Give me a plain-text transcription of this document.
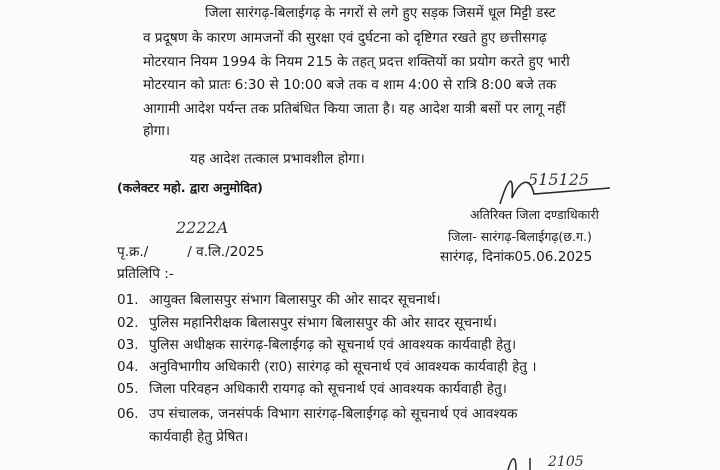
जिला सारंगढ़-बिलाईगढ़ के नगरों से लगे हुए सड़क जिसमें धूल मिट्टी डस्ट
व प्रदूषण के कारण आमजनों की सुरक्षा एवं दुर्घटना को दृष्टिगत रखते हुए छत्तीसगढ़
मोटरयान नियम 1994 के नियम 215 के तहत् प्रदत्त शक्तियों का प्रयोग करते हुए भारी
मोटरयान को प्रातः 6:30 से 10:00 बजे तक व शाम 4:00 से रात्रि 8:00 बजे तक
आगामी आदेश पर्यन्त तक प्रतिबंधित किया जाता है। यह आदेश यात्री बसों पर लागू नहीं
होगा।
यह आदेश तत्काल प्रभावशील होगा।
(कलेक्टर महो. द्वारा अनुमोदित)	515125
अतिरिक्त जिला दण्डाधिकारी
जिला- सारंगढ़-बिलाईगढ़(छ.ग.)
2222A
पृ.क्र./         / व.लि./2025	सारंगढ़, दिनांक05.06.2025
प्रतिलिपि :-
01. आयुक्त बिलासपुर संभाग बिलासपुर की ओर सादर सूचनार्थ।
02. पुलिस महानिरीक्षक बिलासपुर संभाग बिलासपुर की ओर सादर सूचनार्थ।
03. पुलिस अधीक्षक सारंगढ़-बिलाईगढ़ को सूचनार्थ एवं आवश्यक कार्यवाही हेतु।
04. अनुविभागीय अधिकारी (रा0) सारंगढ़ को सूचनार्थ एवं आवश्यक कार्यवाही हेतु ।
05. जिला परिवहन अधिकारी रायगढ़ को सूचनार्थ एवं आवश्यक कार्यवाही हेतु।
06. उप संचालक, जनसंपर्क विभाग सारंगढ़-बिलाईगढ़ को सूचनार्थ एवं आवश्यक
कार्यवाही हेतु प्रेषित।
2105
